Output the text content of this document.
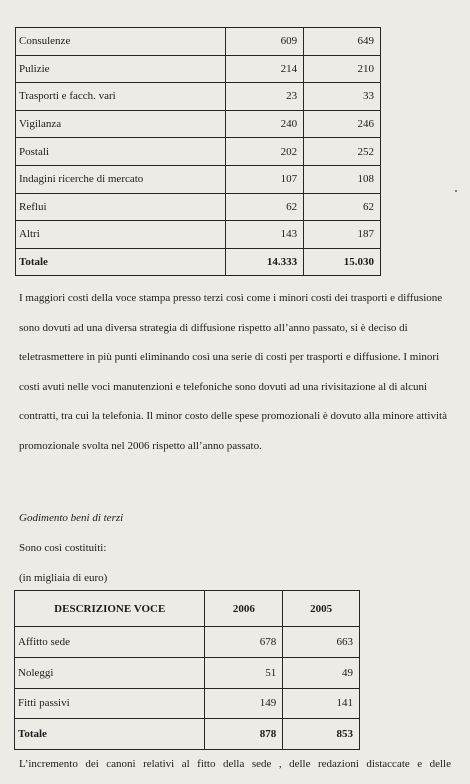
Consulenze	609	649
Pulizie	214	210
Trasporti e facch. vari	23	33
Vigilanza	240	246
Postali	202	252
Indagini ricerche di mercato	107	108
Reflui	62	62
Altri	143	187
Totale	14.333	15.030

I maggiori costi della voce stampa presso terzi così come i minori costi dei trasporti e diffusione sono dovuti ad una diversa strategia di diffusione rispetto all’anno passato, si è deciso di teletrasmettere in più punti eliminando così una serie di costi per trasporti e diffusione. I minori costi avuti nelle voci manutenzioni e telefoniche sono dovuti ad una rivisitazione al di alcuni contratti, tra cui la telefonia. Il minor costo delle spese promozionali è dovuto alla minore attività promozionale svolta nel 2006 rispetto all’anno passato.

Godimento beni di terzi

Sono così costituiti:

(in migliaia di euro)

DESCRIZIONE VOCE	2006	2005
Affitto sede	678	663
Noleggi	51	49
Fitti passivi	149	141
Totale	878	853

L’incremento dei canoni relativi al fitto della sede , delle redazioni distaccate e delle
